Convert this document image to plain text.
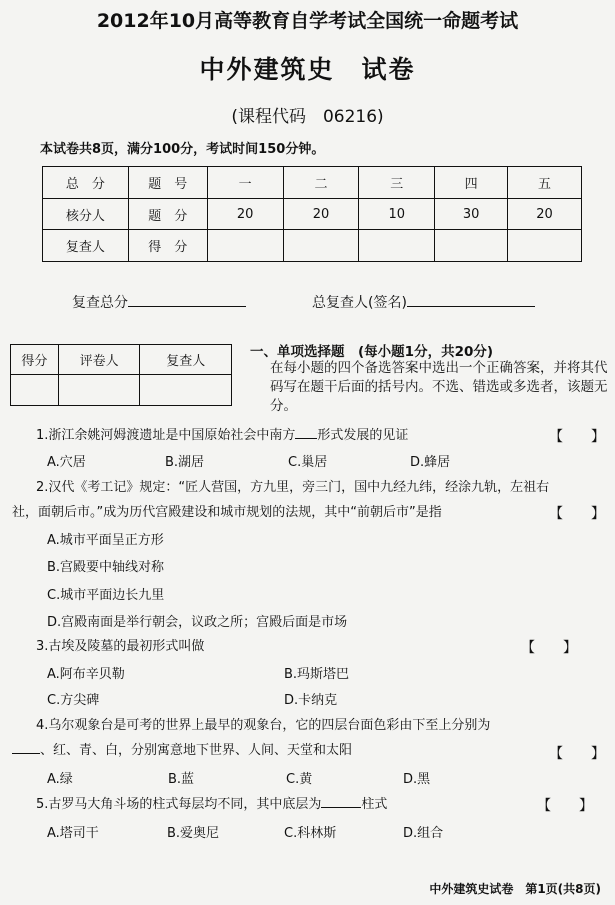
2012年10月高等教育自学考试全国统一命题考试
中外建筑史　试卷
(课程代码　06216)
本试卷共8页，满分100分，考试时间150分钟。
总　分	题　号	一	二	三	四	五
核分人	题　分	20	20	10	30	20
复查人	得　分					
复查总分	总复查人(签名)
得分	评卷人	复查人

一、单项选择题　(每小题1分，共20分)
在每小题的四个备选答案中选出一个正确答案，并将其代码写在题干后面的括号内。不选、错选或多选者，该题无分。
1.浙江余姚河姆渡遗址是中国原始社会中南方 形式发展的见证	【　　】
A.穴居	B.湖居	C.巢居	D.蜂居
2.汉代《考工记》规定：“匠人营国，方九里，旁三门，国中九经九纬，经涂九轨，左祖右
社，面朝后市。”成为历代宫殿建设和城市规划的法规，其中“前朝后市”是指	【　　】
A.城市平面呈正方形
B.宫殿要中轴线对称
C.城市平面边长九里
D.宫殿南面是举行朝会，议政之所；宫殿后面是市场
3.古埃及陵墓的最初形式叫做	【　　】
A.阿布辛贝勒	B.玛斯塔巴
C.方尖碑	D.卡纳克
4.乌尔观象台是可考的世界上最早的观象台，它的四层台面色彩由下至上分别为
、红、青、白，分别寓意地下世界、人间、天堂和太阳	【　　】
A.绿	B.蓝	C.黄	D.黑
5.古罗马大角斗场的柱式每层均不同，其中底层为	柱式	【　　】
A.塔司干	B.爱奥尼	C.科林斯	D.组合
中外建筑史试卷　第1页(共8页)
